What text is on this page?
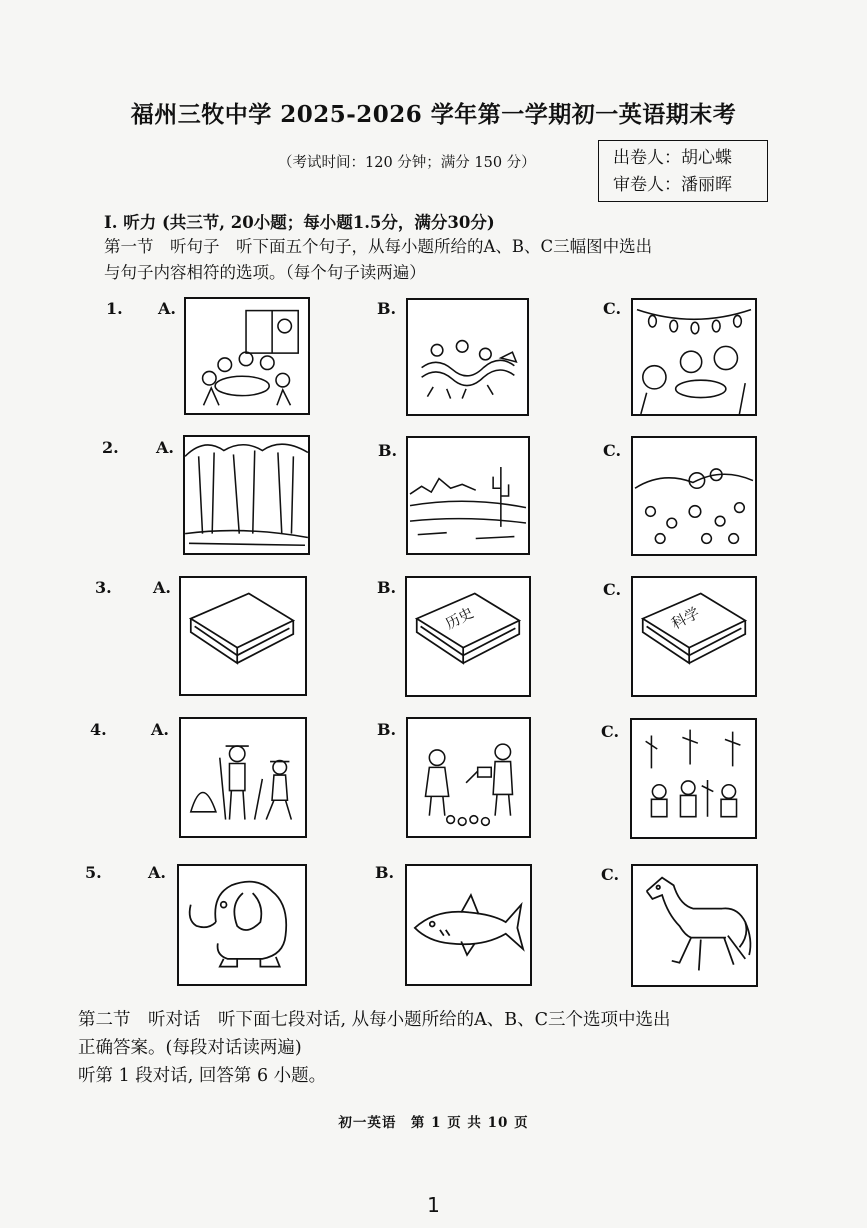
福州三牧中学 2025-2026 学年第一学期初一英语期末考
（考试时间：120 分钟；满分 150 分）	出卷人：胡心蝶
审卷人：潘丽晖
I. 听力 (共三节, 20小题；每小题1.5分，满分30分)
第一节　听句子　听下面五个句子，从每小题所给的A、B、C三幅图中选出
与句子内容相符的选项。（每个句子读两遍）
1. A.	B.	C.
2. A.	B.	C.
3.	A.	B.
历史
C.
科学
4.	A.	B.	C.
5.	A.	B.	C.
第二节　听对话　听下面七段对话, 从每小题所给的A、B、C三个选项中选出
正确答案。(每段对话读两遍)
听第 1 段对话, 回答第 6 小题。
初一英语　第 1 页 共 10 页
1
